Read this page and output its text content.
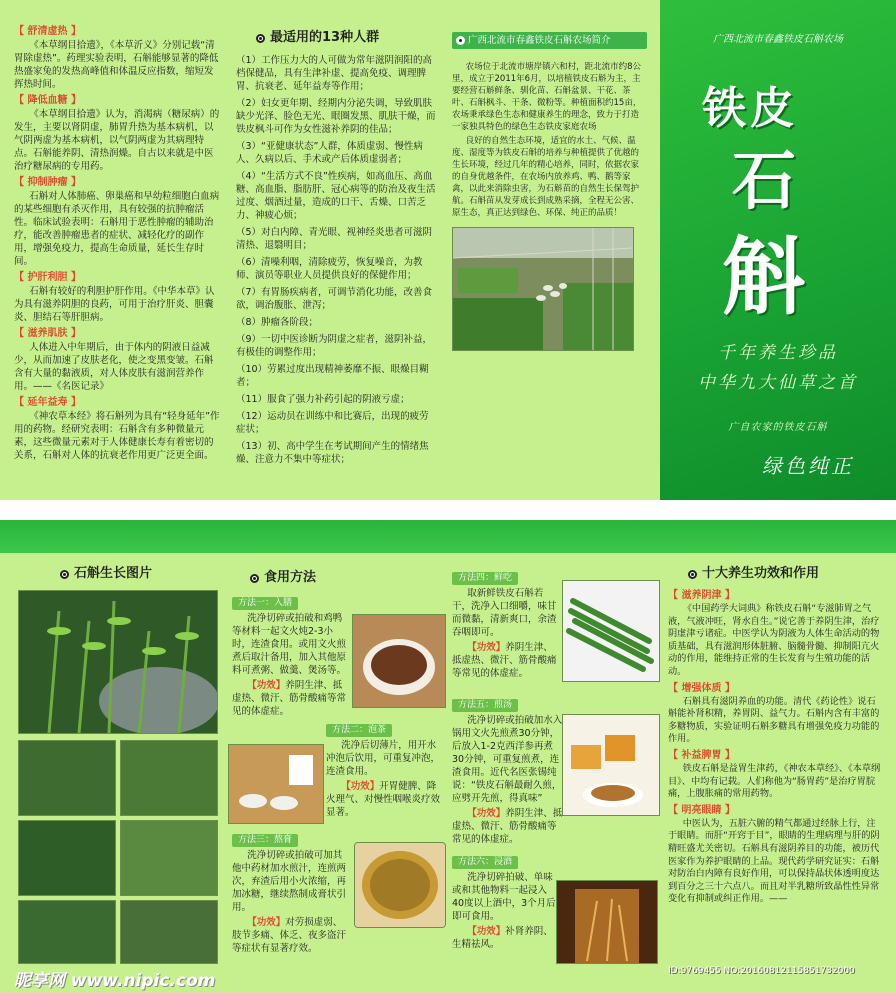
【 舒清虚热 】
《本草纲目拾遗》，《本草沂义》分别记载“清胃除虚热”。药理实验表明，石斛能够显著的降低热盛家兔的发热高峰值和体温反应指数，缩短发挥热时间。
【 降低血糖 】
《本草纲目拾遗》认为，消渴病（糖尿病）的发生，主要以肾阴虚，肺胃升热为基本病机，以气阴两虚为基本病机，以气阴两虚为其病理特点。石斛能养阴、清热润燥。自古以来就是中医治疗糖尿病的专用药。
【 抑制肿瘤 】
石斛对人体肺癌、卵巢癌和早幼粒细胞白血病的某些细胞有杀灭作用，具有较强的抗肿瘤活性。临床试验表明：石斛用于恶性肿瘤的辅助治疗，能改善肿瘤患者的症状、减轻化疗的副作用，增强免疫力，提高生命质量，延长生存时间。
【 护肝利胆 】
石斛有较好的利胆护肝作用。《中华本草》认为具有滋养阴胆的良药，可用于治疗肝炎、胆囊炎、胆结石等肝胆病。
【 滋养肌肤 】
人体进入中年期后，由于体内的阴液日益减少，从而加速了皮肤老化，使之变黑变皱。石斛含有大量的黏液质，对人体皮肤有滋润营养作用。——《名医记录》
【 延年益寿 】
《神农草本经》将石斛列为具有“轻身延年”作用的药物。经研究表明：石斛含有多种微量元素，这些微量元素对于人体健康长寿有着密切的关系，石斛对人体的抗衰老作用更广泛更全面。
最适用的13种人群
（1）工作压力大的人可做为常年滋阴润阳的高档保健品，具有生津补虚、提高免疫、调理脾胃、抗衰老、延年益寿等作用；
（2）妇女更年期、经期内分泌失调，导致肌肤缺少光泽、脸色无光、眼圈发黑、肌肤干燥，而铁皮枫斗可作为女性滋补养阴的佳品；
（3）“亚健康状态”人群，体质虚弱、慢性病人、久病以后、手术或产后体质虚弱者；
（4）“生活方式不良”性疾病，如高血压、高血糖、高血脂、脂肪肝、冠心病等的防治及夜生活过度、烟酒过量，造成的口干、舌燥、口苦乏力、神疲心烦；
（5）对白内障、青光眼、视神经炎患者可滋阴清热、退翳明目；
（6）清噪利咽，清除疲劳，恢复噪音，为教师、演员等职业人员提供良好的保健作用；
（7）有胃肠疾病者，可调节消化功能，改善食欲，调治腹胀、泄泻；
（8）肿瘤各阶段；
（9）一切中医诊断为阴虚之症者，滋阴补益，有极佳的调整作用；
（10）劳累过度出现精神萎靡不振、眼燥目糊者；
（11）服食了强力补药引起的阴液亏虚；
（12）运动员在训练中和比赛后，出现的疲劳症状；
（13）初、高中学生在考试期间产生的情绪焦燥、注意力不集中等症状；
广西北流市春鑫铁皮石斛农场简介
农场位于北流市塘岸镇六和村，距北流市约8公里，成立于2011年6月，以培植铁皮石斛为主，主要经营石斛鲜条、驯化苗、石斛盆景、干花、茶叶、石斛枫斗、干条、微粉等。种植面积约15亩，农场秉承绿色生态和健康养生的理念，致力于打造一家独具特色的绿色生态铁皮家庭农场
良好的自然生态环境，适宜的水土、气候、温度、湿度等为铁皮石斛的培养与种植提供了优越的生长环境，经过几年的精心培养，同时，依据农家的自身优越条件，在农场内放养鸡、鸭、鹅等家禽，以此来消除虫害，为石斛苗的自然生长保驾护航。石斛苗从发芽成长到成熟采摘，全程无公害、原生态，真正达到绿色、环保、纯正的品质！
广西北流市春鑫铁皮石斛农场
铁皮
石
斛
千年养生珍品
中华九大仙草之首
广自农家的铁皮石斛
绿色纯正
石斛生长图片	食用方法
方法一：入膳
洗净切碎或拍破和鸡鸭等材料一起文火炖2-3小时，连渣食用。或用文火煎煮后取汁备用，加入其他原料可煮粥、做羹、煲汤等。
【功效】养阴生津、抵虚热、微汗、筋骨酸痛等常见的体虚症。
方法二：泡茶
洗净后切薄片，用开水冲泡后饮用，可重复冲泡，连渣食用。
【功效】开胃健脾、降火理气、对慢性咽喉炎疗效显著。
方法三：熬膏
洗净切碎或拍破可加其他中药材加水煎汁，连煎两次，弃渣后用小火浓缩，再加冰糖，继续熬制成膏状引用。
【功效】对劳损虚弱、肢节多痛、体乏、夜多盗汗等症状有显著疗效。
方法四：鲜吃
取新鲜铁皮石斛若干，洗净入口细嚼，味甘而微黏，清新爽口，余渣吞咽即可。
【功效】养阴生津、抵虚热、微汗、筋骨酸痛等常见的体虚症。
方法五：煎汤
洗净切碎或拍破加水入锅用文火先煎煮30分钟，后放入1-2克西洋参再煮30分钟，可重复煎煮，连渣食用。近代名医张锡纯说：“铁皮石斛最耐久煎，应劈开先煎，得真味”
【功效】养阴生津、抵虚热、微汗、筋骨酸痛等常见的体虚症。
方法六：浸酒
洗净切碎拍破、单味或和其他物料一起浸入40度以上酒中，3个月后即可食用。
【功效】补肾养阴、生精祛风。
十大养生功效和作用
【 滋养阴津 】
《中国药学大词典》称铁皮石斛“专滋肺胃之气液，气液冲旺，肾水自生。”说它善于养阴生津，治疗阴虚津亏诸症。中医学认为阴液为人体生命活动的物质基础，具有滋润形体脏腑、脑髓骨髓、抑制阳亢火动的作用，能维持正常的生长发育与生殖功能的活动。
【 增强体质 】
石斛具有滋阴养血的功能。清代《药论性》说石斛能补肾积精，养胃阴、益气力。石斛内含有丰富的多糖物质，实验证明石斛多糖具有增强免疫力功能的作用。
【 补益脾胃 】
铁皮石斛是益胃生津药，《神农本草经》、《本草纲目》、中均有记载。人们称他为“肠胃药”是治疗胃脘痛，上腹胀痛的常用药物。
【 明亮眼睛 】
中医认为，五脏六腑的精气都通过经脉上行，注于眼睛。而肝“开窍于目”，眼睛的生理病理与肝的阴精旺盛尤关密切。石斛具有滋阴养目的功能，被历代医家作为养护眼睛的上品。现代药学研究证实：石斛对防治白内障有良好作用，可以保持晶状体透明度达到百分之三十六点八。而且对半乳糖所致晶性性异常变化有抑制或纠正作用。——
昵享网 www.nipic.com	ID:9769455 NO:20160812115851732000
